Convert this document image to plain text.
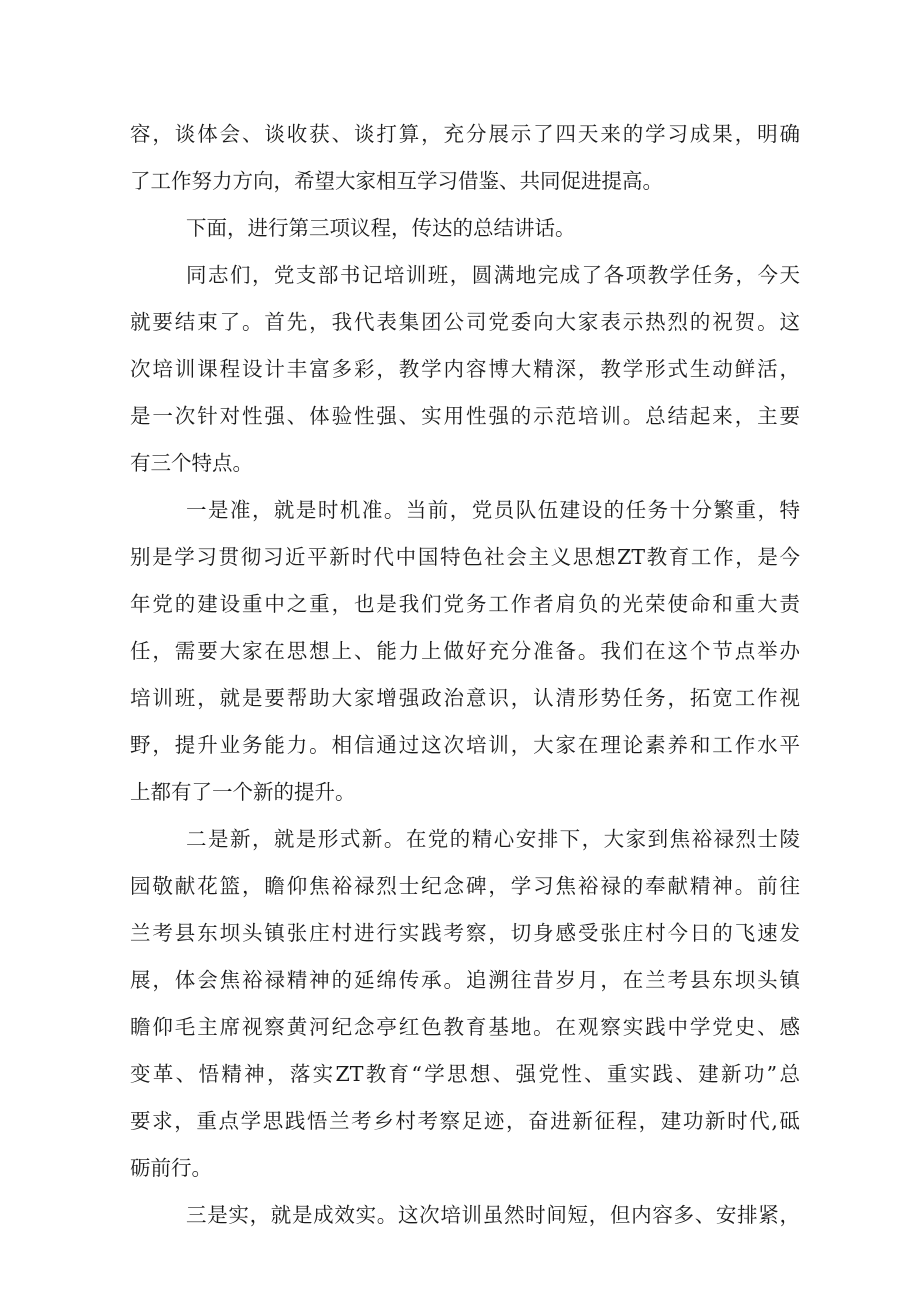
容，谈体会、谈收获、谈打算，充分展示了四天来的学习成果，明确
了工作努力方向，希望大家相互学习借鉴、共同促进提高。
下面，进行第三项议程，传达的总结讲话。
同志们，党支部书记培训班，圆满地完成了各项教学任务，今天
就要结束了。首先，我代表集团公司党委向大家表示热烈的祝贺。这
次培训课程设计丰富多彩，教学内容博大精深，教学形式生动鲜活，
是一次针对性强、体验性强、实用性强的示范培训。总结起来，主要
有三个特点。
一是准，就是时机准。当前，党员队伍建设的任务十分繁重，特
别是学习贯彻习近平新时代中国特色社会主义思想ZT教育工作，是今
年党的建设重中之重，也是我们党务工作者肩负的光荣使命和重大责
任，需要大家在思想上、能力上做好充分准备。我们在这个节点举办
培训班，就是要帮助大家增强政治意识，认清形势任务，拓宽工作视
野，提升业务能力。相信通过这次培训，大家在理论素养和工作水平
上都有了一个新的提升。
二是新，就是形式新。在党的精心安排下，大家到焦裕禄烈士陵
园敬献花篮，瞻仰焦裕禄烈士纪念碑，学习焦裕禄的奉献精神。前往
兰考县东坝头镇张庄村进行实践考察，切身感受张庄村今日的飞速发
展，体会焦裕禄精神的延绵传承。追溯往昔岁月，在兰考县东坝头镇
瞻仰毛主席视察黄河纪念亭红色教育基地。在观察实践中学党史、感
变革、悟精神，落实ZT教育“学思想、强党性、重实践、建新功”总
要求，重点学思践悟兰考乡村考察足迹，奋进新征程，建功新时代,砥
砺前行。
三是实，就是成效实。这次培训虽然时间短，但内容多、安排紧，
